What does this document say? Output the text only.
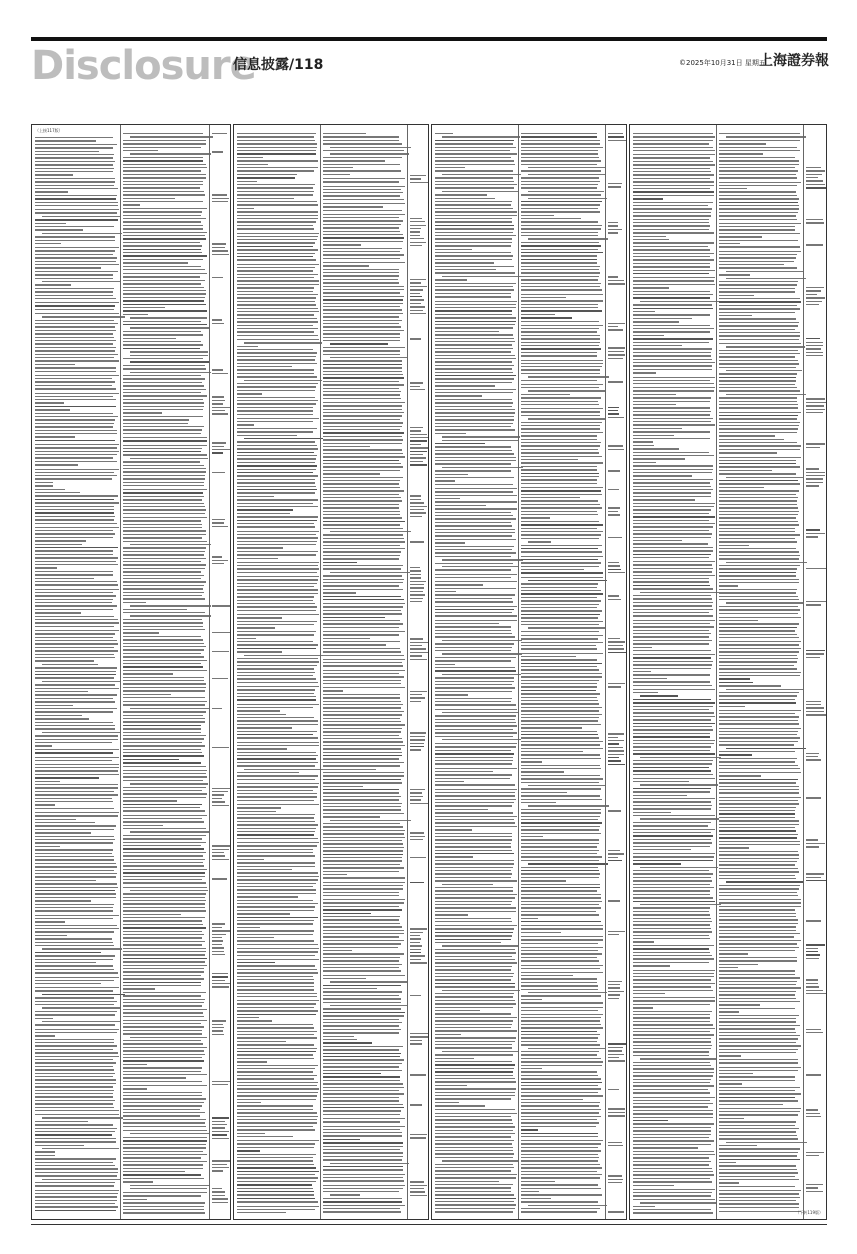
Disclosure
信息披露/118	©2025年10月31日 星期五
上海證券報
（上接117版）
（下转119版）
